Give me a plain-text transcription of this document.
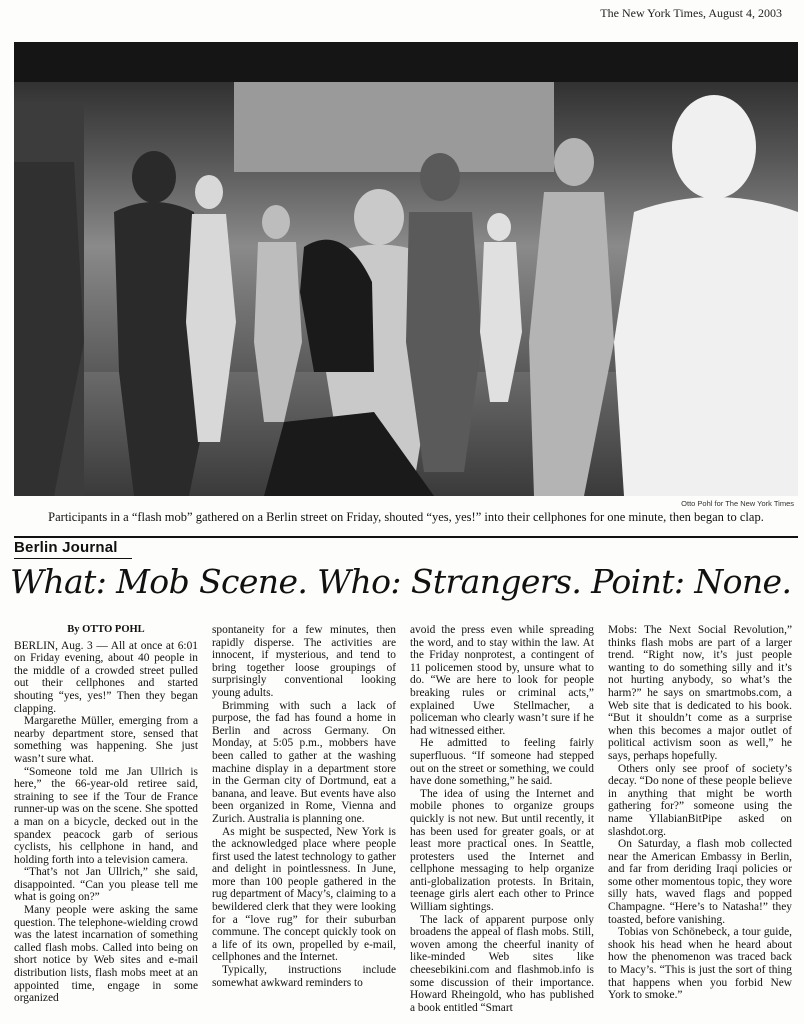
The New York Times, August 4, 2003
Otto Pohl for The New York Times
Participants in a “flash mob” gathered on a Berlin street on Friday, shouted “yes, yes!” into their cellphones for one minute, then began to clap.
Berlin Journal
What: Mob Scene. Who: Strangers. Point: None.
By OTTO POHL

BERLIN, Aug. 3 — All at once at 6:01 on Friday evening, about 40 people in the middle of a crowded street pulled out their cellphones and started shouting “yes, yes!” Then they began clapping.

Margarethe Müller, emerging from a nearby department store, sensed that something was happening. She just wasn’t sure what.

“Someone told me Jan Ullrich is here,” the 66-year-old retiree said, straining to see if the Tour de France runner-up was on the scene. She spotted a man on a bicycle, decked out in the spandex peacock garb of serious cyclists, his cellphone in hand, and holding forth into a television camera.

“That’s not Jan Ullrich,” she said, disappointed. “Can you please tell me what is going on?”

Many people were asking the same question. The telephone-wielding crowd was the latest incarnation of something called flash mobs. Called into being on short notice by Web sites and e-mail distribution lists, flash mobs meet at an appointed time, engage in some organized

spontaneity for a few minutes, then rapidly disperse. The activities are innocent, if mysterious, and tend to bring together loose groupings of surprisingly conventional looking young adults.

Brimming with such a lack of purpose, the fad has found a home in Berlin and across Germany. On Monday, at 5:05 p.m., mobbers have been called to gather at the washing machine display in a department store in the German city of Dortmund, eat a banana, and leave. But events have also been organized in Rome, Vienna and Zurich. Australia is planning one.

As might be suspected, New York is the acknowledged place where people first used the latest technology to gather and delight in pointlessness. In June, more than 100 people gathered in the rug department of Macy’s, claiming to a bewildered clerk that they were looking for a “love rug” for their suburban commune. The concept quickly took on a life of its own, propelled by e-mail, cellphones and the Internet.

Typically, instructions include somewhat awkward reminders to

avoid the press even while spreading the word, and to stay within the law. At the Friday nonprotest, a contingent of 11 policemen stood by, unsure what to do. “We are here to look for people breaking rules or criminal acts,” explained Uwe Stellmacher, a policeman who clearly wasn’t sure if he had witnessed either.

He admitted to feeling fairly superfluous. “If someone had stepped out on the street or something, we could have done something,” he said.

The idea of using the Internet and mobile phones to organize groups quickly is not new. But until recently, it has been used for greater goals, or at least more practical ones. In Seattle, protesters used the Internet and cellphone messaging to help organize anti-globalization protests. In Britain, teenage girls alert each other to Prince William sightings.

The lack of apparent purpose only broadens the appeal of flash mobs. Still, woven among the cheerful inanity of like-minded Web sites like cheesebikini.com and flashmob.info is some discussion of their importance. Howard Rheingold, who has published a book entitled “Smart

Mobs: The Next Social Revolution,” thinks flash mobs are part of a larger trend. “Right now, it’s just people wanting to do something silly and it’s not hurting anybody, so what’s the harm?” he says on smartmobs.com, a Web site that is dedicated to his book. “But it shouldn’t come as a surprise when this becomes a major outlet of political activism soon as well,” he says, perhaps hopefully.

Others only see proof of society’s decay. “Do none of these people believe in anything that might be worth gathering for?” someone using the name YllabianBitPipe asked on slashdot.org.

On Saturday, a flash mob collected near the American Embassy in Berlin, and far from deriding Iraqi policies or some other momentous topic, they wore silly hats, waved flags and popped Champagne. “Here’s to Natasha!” they toasted, before vanishing.

Tobias von Schönebeck, a tour guide, shook his head when he heard about how the phenomenon was traced back to Macy’s. “This is just the sort of thing that happens when you forbid New York to smoke.”
